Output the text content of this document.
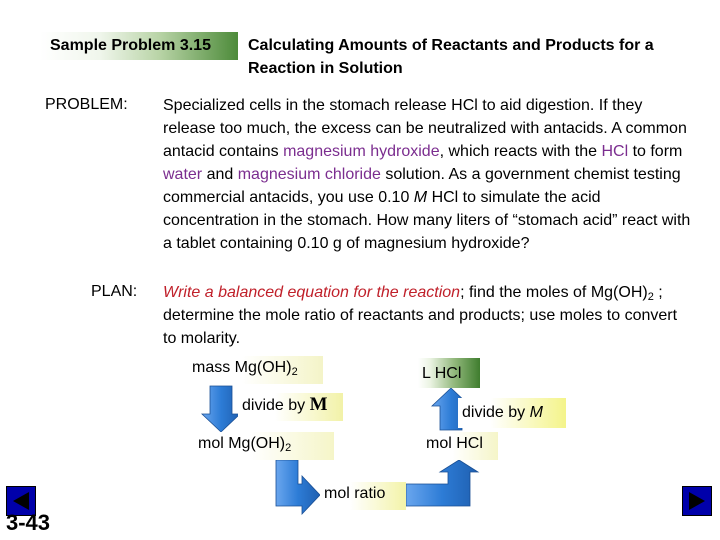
Sample Problem 3.15	Calculating Amounts of Reactants and Products for a Reaction in Solution
PROBLEM: Specialized cells in the stomach release HCl to aid digestion. If they release too much, the excess can be neutralized with antacids. A common antacid contains magnesium hydroxide, which reacts with the HCl to form water and magnesium chloride solution. As a government chemist testing commercial antacids, you use 0.10 M HCl to simulate the acid concentration in the stomach. How many liters of “stomach acid” react with a tablet containing 0.10 g of magnesium hydroxide?
PLAN: Write a balanced equation for the reaction; find the moles of $Mg(OH)_2$ ; determine the mole ratio of reactants and products; use moles to convert to molarity.
mass $Mg(OH)_2$	L HCl
divide by M	divide by M
mol $Mg(OH)_2$	mol HCl
mol ratio
3-43
